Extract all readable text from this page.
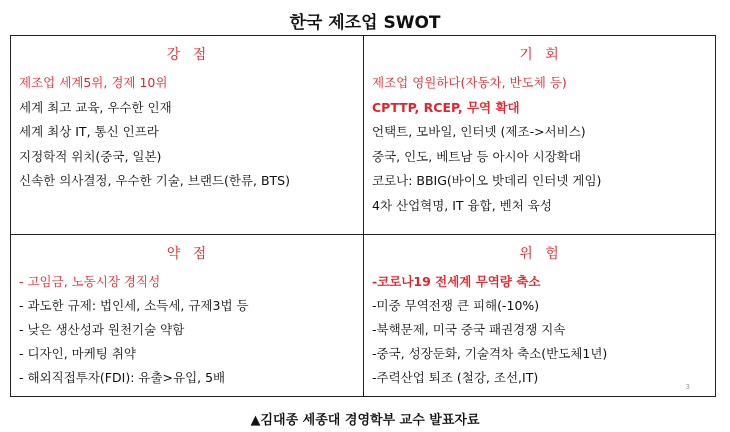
한국 제조업 SWOT
강 점
제조업 세계5위, 경제 10위
세계 최고 교육, 우수한 인재
세계 최상 IT, 통신 인프라
지정학적 위치(중국, 일본)
신속한 의사결정, 우수한 기술, 브랜드(한류, BTS)
기 회
제조업 영원하다(자동차, 반도체 등)
CPTTP, RCEP, 무역 확대
언택트, 모바일, 인터넷 (제조->서비스)
중국, 인도, 베트남 등 아시아 시장확대
코로나: BBIG(바이오 밧데리 인터넷 게임)
4차 산업혁명, IT 융합, 벤처 육성
약 점
- 고임금, 노동시장 경직성
- 과도한 규제: 법인세, 소득세, 규제3법 등
- 낮은 생산성과 원천기술 약함
- 디자인, 마케팅 취약
- 해외직접투자(FDI): 유출>유입, 5배
위 험
-코로나19 전세계 무역량 축소
-미중 무역전쟁 큰 피해(-10%)
-북핵문제, 미국 중국 패권경쟁 지속
-중국, 성장둔화, 기술격차 축소(반도체1년)
-주력산업 퇴조 (철강, 조선,IT)
3
▲김대종 세종대 경영학부 교수 발표자료
